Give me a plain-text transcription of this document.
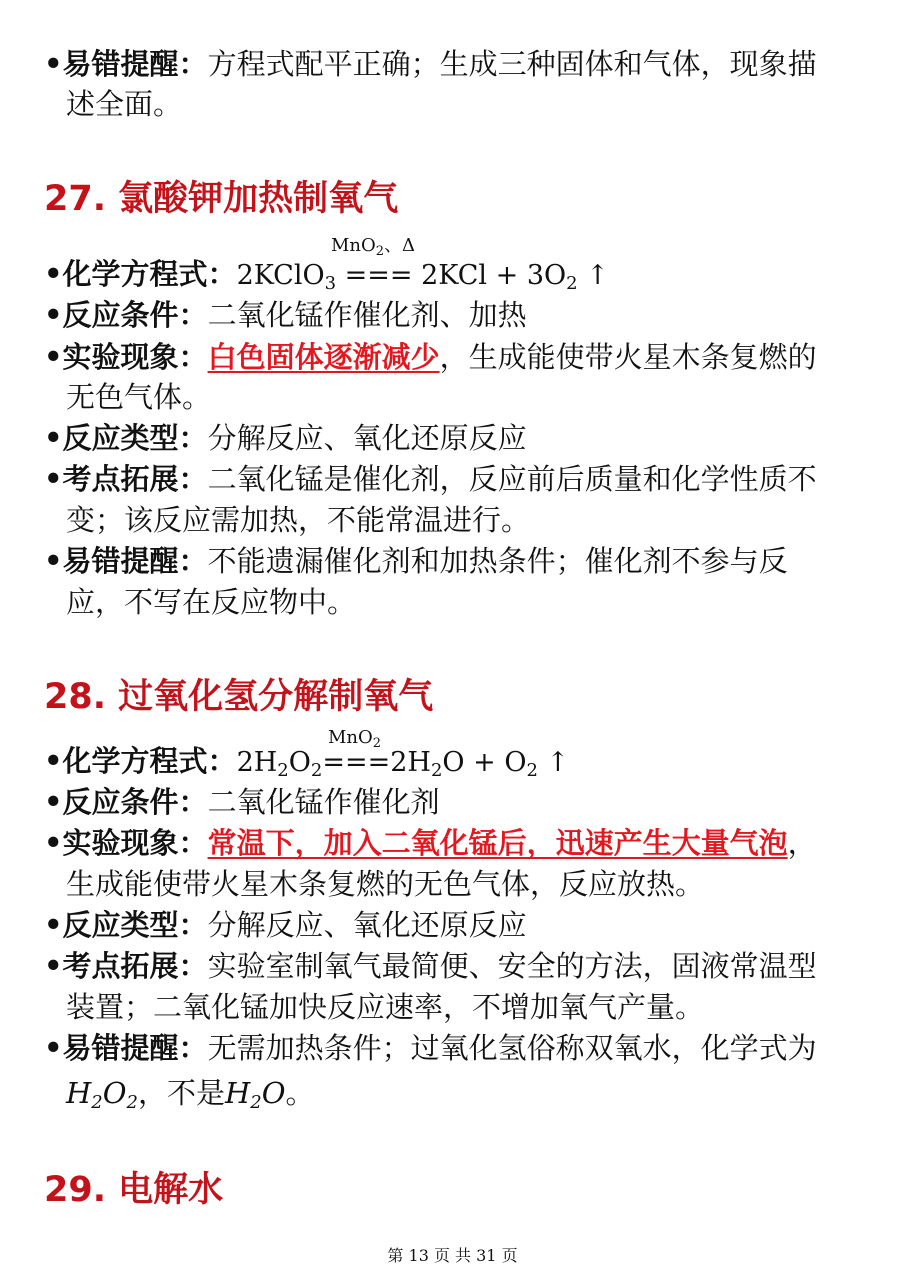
•易错提醒：方程式配平正确；生成三种固体和气体，现象描
述全面。
27. 氯酸钾加热制氧气
MnO$_2$、Δ
•化学方程式：2KClO$_3$ === $2KCl + 3O_2$ ↑
•反应条件：二氧化锰作催化剂、加热
•实验现象：白色固体逐渐减少，生成能使带火星木条复燃的
无色气体。
•反应类型：分解反应、氧化还原反应
•考点拓展：二氧化锰是催化剂，反应前后质量和化学性质不
变；该反应需加热，不能常温进行。
•易错提醒：不能遗漏催化剂和加热条件；催化剂不参与反
应，不写在反应物中。
28. 过氧化氢分解制氧气
MnO$_2$
•化学方程式：$2H_2O_2===2H_2O + O_2$ ↑
•反应条件：二氧化锰作催化剂
•实验现象：常温下，加入二氧化锰后，迅速产生大量气泡，
生成能使带火星木条复燃的无色气体，反应放热。
•反应类型：分解反应、氧化还原反应
•考点拓展：实验室制氧气最简便、安全的方法，固液常温型
装置；二氧化锰加快反应速率，不增加氧气产量。
•易错提醒：无需加热条件；过氧化氢俗称双氧水，化学式为
$H_2O_2$，不是$H_2O$。
29. 电解水
第 13 页 共 31 页
